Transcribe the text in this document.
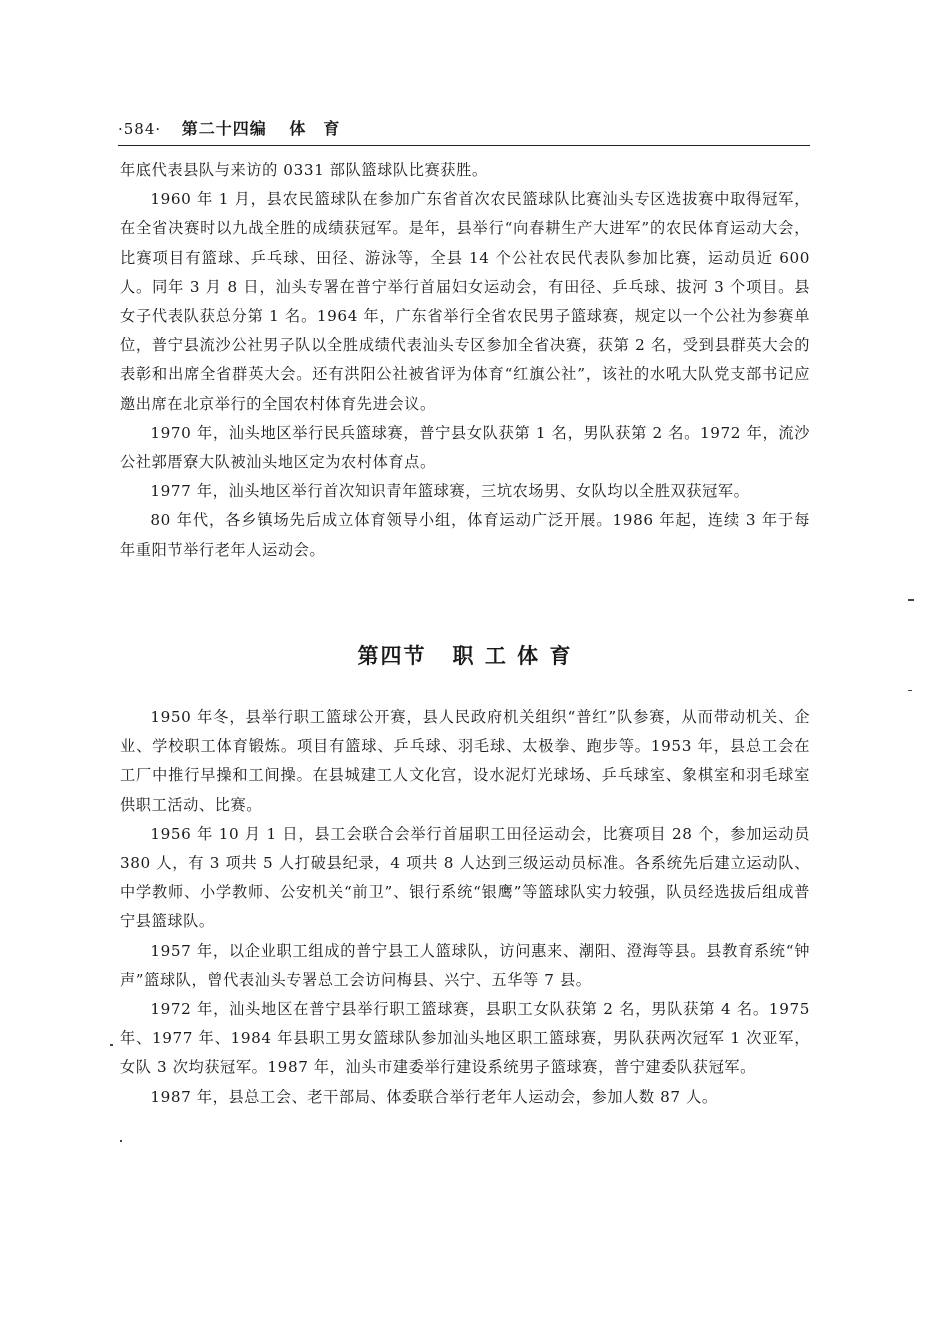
·584· 第二十四编 体　育

年底代表县队与来访的 0331 部队篮球队比赛获胜。

1960 年 1 月，县农民篮球队在参加广东省首次农民篮球队比赛汕头专区选拔赛中取得冠军，在全省决赛时以九战全胜的成绩获冠军。是年，县举行“向春耕生产大进军”的农民体育运动大会，比赛项目有篮球、乒乓球、田径、游泳等，全县 14 个公社农民代表队参加比赛，运动员近 600 人。同年 3 月 8 日，汕头专署在普宁举行首届妇女运动会，有田径、乒乓球、拔河 3 个项目。县女子代表队获总分第 1 名。1964 年，广东省举行全省农民男子篮球赛，规定以一个公社为参赛单位，普宁县流沙公社男子队以全胜成绩代表汕头专区参加全省决赛，获第 2 名，受到县群英大会的表彰和出席全省群英大会。还有洪阳公社被省评为体育“红旗公社”，该社的水吼大队党支部书记应邀出席在北京举行的全国农村体育先进会议。

1970 年，汕头地区举行民兵篮球赛，普宁县女队获第 1 名，男队获第 2 名。1972 年，流沙公社郭厝寮大队被汕头地区定为农村体育点。

1977 年，汕头地区举行首次知识青年篮球赛，三坑农场男、女队均以全胜双获冠军。

80 年代，各乡镇场先后成立体育领导小组，体育运动广泛开展。1986 年起，连续 3 年于每年重阳节举行老年人运动会。

第四节 职 工 体 育

1950 年冬，县举行职工篮球公开赛，县人民政府机关组织“普红”队参赛，从而带动机关、企业、学校职工体育锻炼。项目有篮球、乒乓球、羽毛球、太极拳、跑步等。1953 年，县总工会在工厂中推行早操和工间操。在县城建工人文化宫，设水泥灯光球场、乒乓球室、象棋室和羽毛球室供职工活动、比赛。

1956 年 10 月 1 日，县工会联合会举行首届职工田径运动会，比赛项目 28 个，参加运动员 380 人，有 3 项共 5 人打破县纪录，4 项共 8 人达到三级运动员标准。各系统先后建立运动队、中学教师、小学教师、公安机关“前卫”、银行系统“银鹰”等篮球队实力较强，队员经选拔后组成普宁县篮球队。

1957 年，以企业职工组成的普宁县工人篮球队，访问惠来、潮阳、澄海等县。县教育系统“钟声”篮球队，曾代表汕头专署总工会访问梅县、兴宁、五华等 7 县。

1972 年，汕头地区在普宁县举行职工篮球赛，县职工女队获第 2 名，男队获第 4 名。1975 年、1977 年、1984 年县职工男女篮球队参加汕头地区职工篮球赛，男队获两次冠军 1 次亚军，女队 3 次均获冠军。1987 年，汕头市建委举行建设系统男子篮球赛，普宁建委队获冠军。

1987 年，县总工会、老干部局、体委联合举行老年人运动会，参加人数 87 人。
